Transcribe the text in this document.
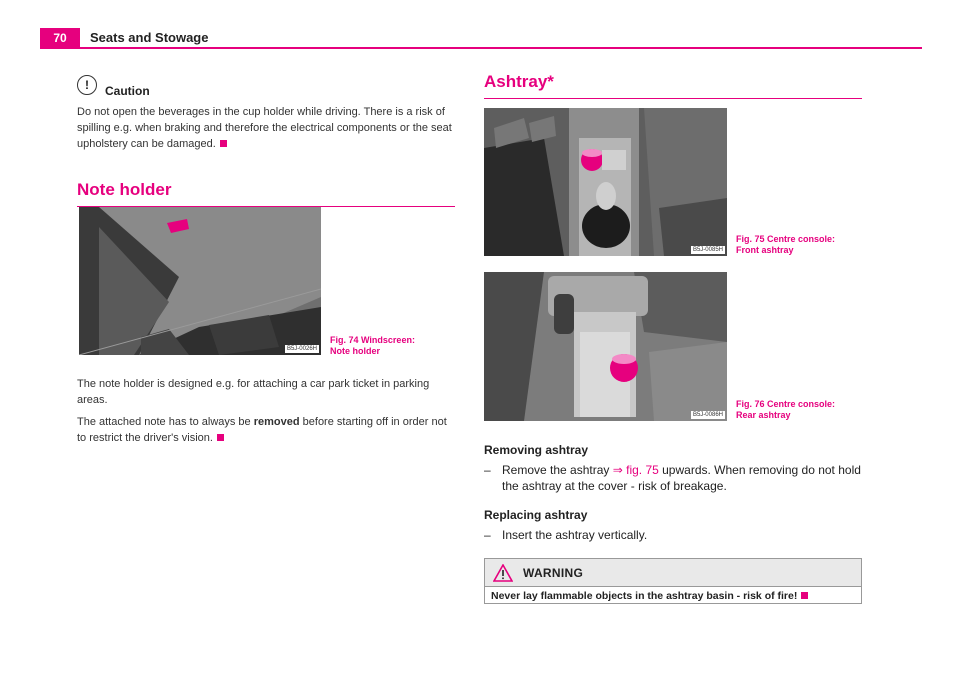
70	Seats and Stowage
!	Caution

Do not open the beverages in the cup holder while driving. There is a risk of spilling e.g. when braking and therefore the electrical components or the seat upholstery can be damaged.

Note holder
B5J-0026H
Fig. 74 Windscreen:
Note holder

The note holder is designed e.g. for attaching a car park ticket in parking areas.

The attached note has to always be removed before starting off in order not to restrict the driver's vision.

Ashtray*
B5J-0085H
Fig. 75 Centre console:
Front ashtray
B5J-0086H
Fig. 76 Centre console:
Rear ashtray
Removing ashtray

– Remove the ashtray ⇒ fig. 75 upwards. When removing do not hold the ashtray at the cover - risk of breakage.

Replacing ashtray

– Insert the ashtray vertically.

WARNING
Never lay flammable objects in the ashtray basin - risk of fire!
